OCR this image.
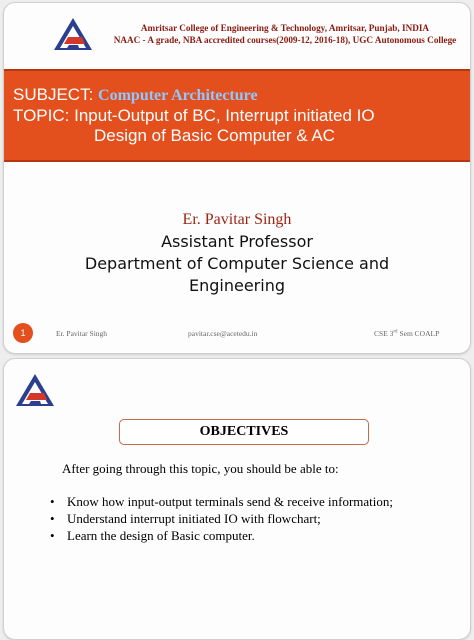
Amritsar College of Engineering & Technology, Amritsar, Punjab, INDIA
NAAC - A grade, NBA accredited courses(2009-12, 2016-18), UGC Autonomous College
SUBJECT: Computer Architecture
TOPIC: Input-Output of BC, Interrupt initiated IO
Design of Basic Computer & AC
Er. Pavitar Singh
Assistant Professor
Department of Computer Science and
Engineering
1	Er. Pavitar Singh	pavitar.cse@acetedu.in	CSE 3rd Sem COALP
OBJECTIVES
After going through this topic, you should be able to:
• Know how input-output terminals send & receive information;
• Understand interrupt initiated IO with flowchart;
• Learn the design of Basic computer.
